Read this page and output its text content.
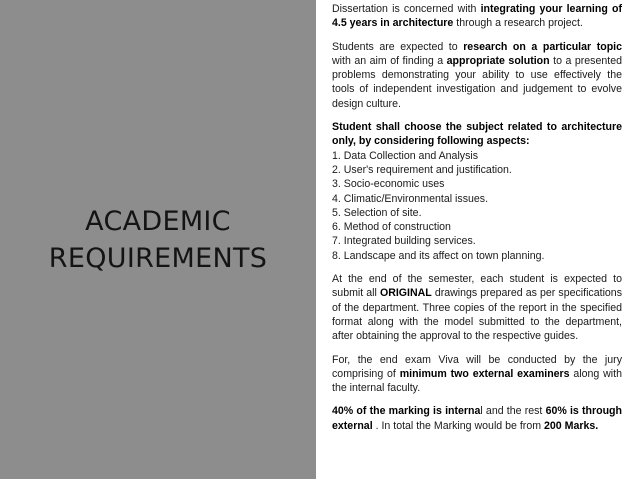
ACADEMIC
REQUIREMENTS

Dissertation is concerned with integrating your learning of 4.5 years in architecture through a research project.

Students are expected to research on a particular topic with an aim of finding a appropriate solution to a presented problems demonstrating your ability to use effectively the tools of independent investigation and judgement to evolve design culture.

Student shall choose the subject related to architecture only, by considering following aspects:

1. Data Collection and Analysis
2. User's requirement and justification.
3. Socio-economic uses
4. Climatic/Environmental issues.
5. Selection of site.
6. Method of construction
7. Integrated building services.
8. Landscape and its affect on town planning.

At the end of the semester, each student is expected to submit all ORIGINAL drawings prepared as per specifications of the department. Three copies of the report in the specified format along with the model submitted to the department, after obtaining the approval to the respective guides.

For, the end exam Viva will be conducted by the jury comprising of minimum two external examiners along with the internal faculty.

40% of the marking is internal and the rest 60% is through external . In total the Marking would be from 200 Marks.
